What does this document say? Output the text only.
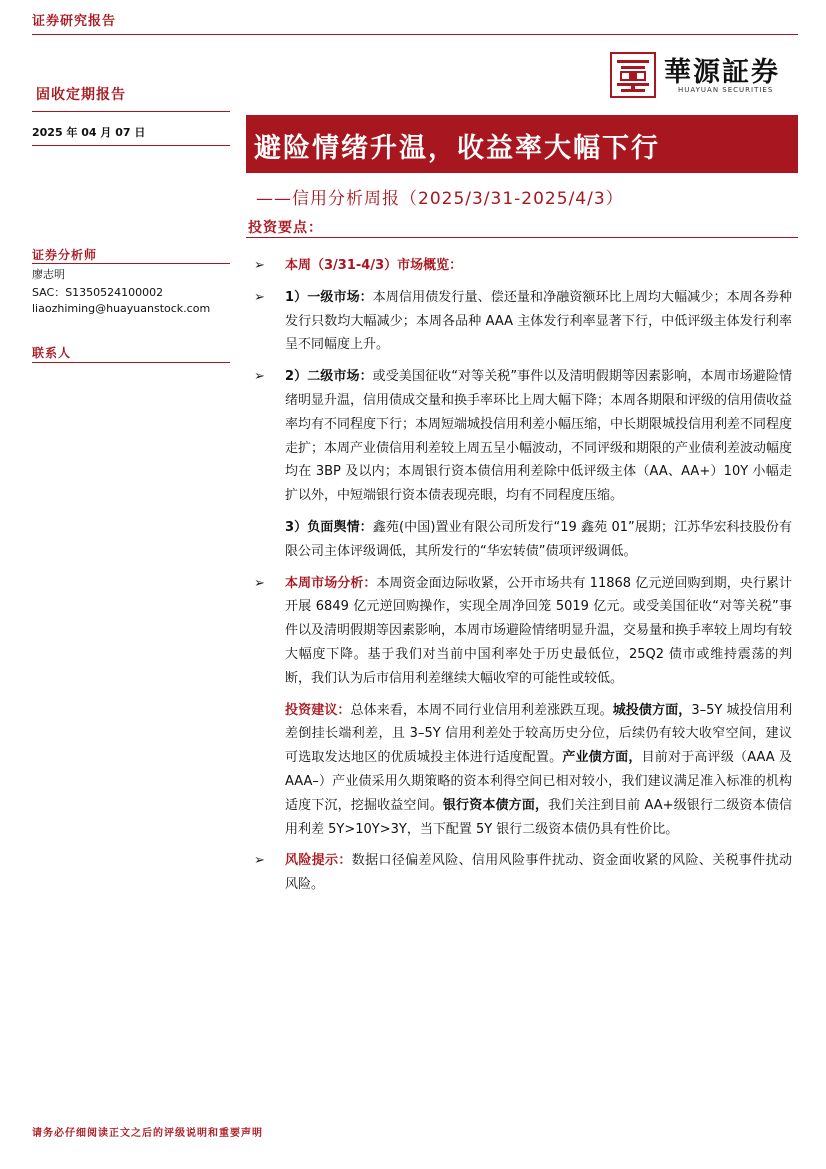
证券研究报告
固收定期报告
2025 年 04 月 07 日
華源証券
HUAYUAN SECURITIES
避险情绪升温，收益率大幅下行
——信用分析周报（2025/3/31-2025/4/3）
投资要点：
证券分析师
廖志明
SAC：S1350524100002
liaozhiming@huayuanstock.com
联系人
➢ 本周（3/31-4/3）市场概览：
➢ 1）一级市场：本周信用债发行量、偿还量和净融资额环比上周均大幅减少；本周各券种发行只数均大幅减少；本周各品种 AAA 主体发行利率显著下行，中低评级主体发行利率呈不同幅度上升。
➢ 2）二级市场：或受美国征收“对等关税”事件以及清明假期等因素影响，本周市场避险情绪明显升温，信用债成交量和换手率环比上周大幅下降；本周各期限和评级的信用债收益率均有不同程度下行；本周短端城投信用利差小幅压缩，中长期限城投信用利差不同程度走扩；本周产业债信用利差较上周五呈小幅波动，不同评级和期限的产业债利差波动幅度均在 3BP 及以内；本周银行资本债信用利差除中低评级主体（AA、AA+）10Y 小幅走扩以外，中短端银行资本债表现亮眼，均有不同程度压缩。
3）负面舆情：鑫苑(中国)置业有限公司所发行“19 鑫苑 01”展期；江苏华宏科技股份有限公司主体评级调低，其所发行的“华宏转债”债项评级调低。
➢ 本周市场分析：本周资金面边际收紧，公开市场共有 11868 亿元逆回购到期，央行累计开展 6849 亿元逆回购操作，实现全周净回笼 5019 亿元。或受美国征收“对等关税”事件以及清明假期等因素影响，本周市场避险情绪明显升温，交易量和换手率较上周均有较大幅度下降。基于我们对当前中国利率处于历史最低位，25Q2 债市或维持震荡的判断，我们认为后市信用利差继续大幅收窄的可能性或较低。
投资建议：总体来看，本周不同行业信用利差涨跌互现。城投债方面，3–5Y 城投信用利差倒挂长端利差，且 3–5Y 信用利差处于较高历史分位，后续仍有较大收窄空间，建议可选取发达地区的优质城投主体进行适度配置。产业债方面，目前对于高评级（AAA 及 AAA–）产业债采用久期策略的资本利得空间已相对较小，我们建议满足准入标准的机构适度下沉，挖掘收益空间。银行资本债方面，我们关注到目前 AA+级银行二级资本债信用利差 5Y>10Y>3Y，当下配置 5Y 银行二级资本债仍具有性价比。
➢ 风险提示：数据口径偏差风险、信用风险事件扰动、资金面收紧的风险、关税事件扰动风险。
请务必仔细阅读正文之后的评级说明和重要声明
